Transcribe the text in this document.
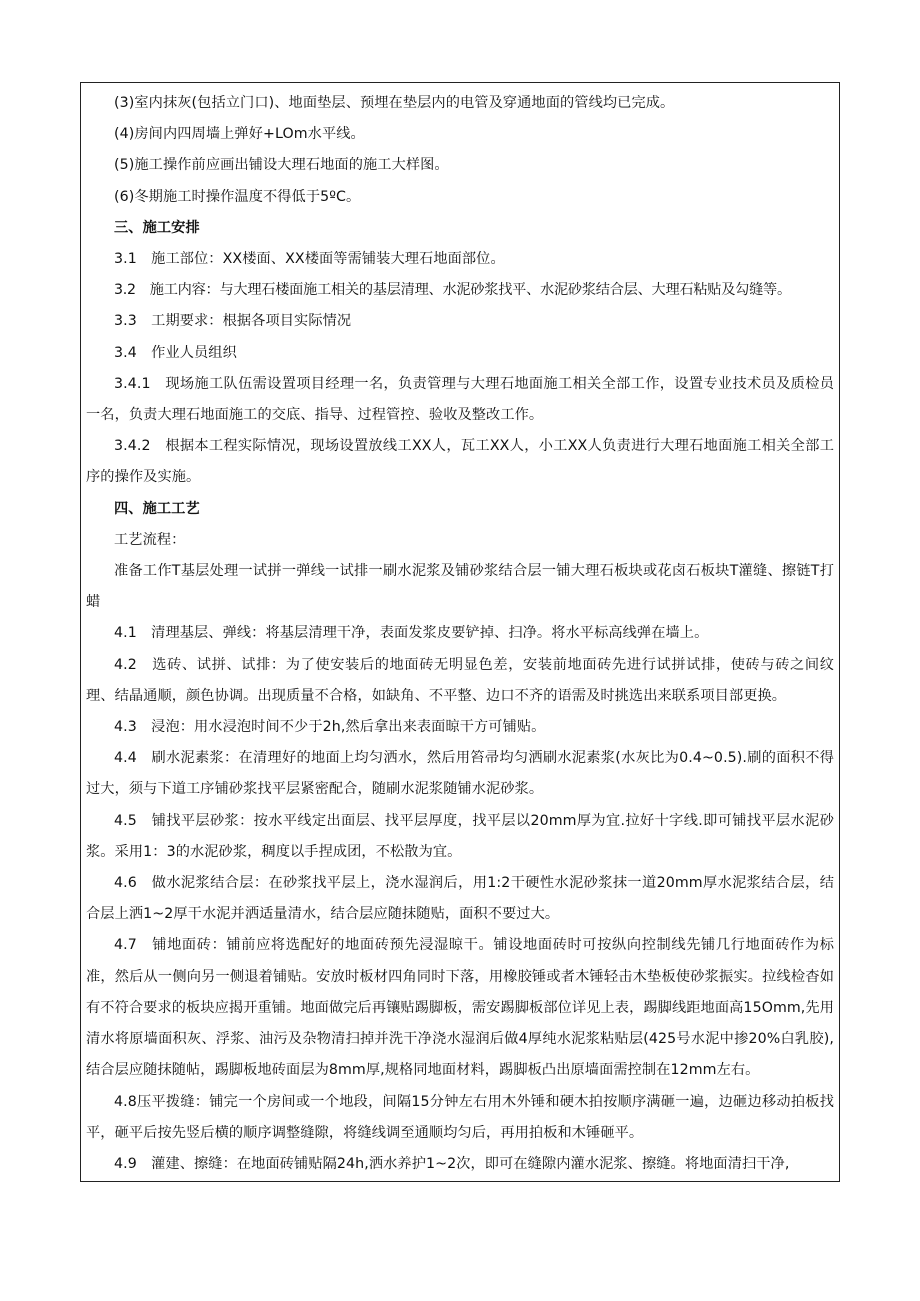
(3)室内抹灰(包括立门口)、地面垫层、预埋在垫层内的电管及穿通地面的管线均已完成。

(4)房间内四周墙上弹好+LOm水平线。

(5)施工操作前应画出铺设大理石地面的施工大样图。

(6)冬期施工时操作温度不得低于5ºC。

三、施工安排

3.1　施工部位：XX楼面、XX楼面等需铺装大理石地面部位。

3.2　施工内容：与大理石楼面施工相关的基层清理、水泥砂浆找平、水泥砂浆结合层、大理石粘贴及勾缝等。

3.3　工期要求：根据各项目实际情况

3.4　作业人员组织

3.4.1　现场施工队伍需设置项目经理一名，负责管理与大理石地面施工相关全部工作，设置专业技术员及质检员一名，负责大理石地面施工的交底、指导、过程管控、验收及整改工作。

3.4.2　根据本工程实际情况，现场设置放线工XX人，瓦工XX人，小工XX人负责进行大理石地面施工相关全部工序的操作及实施。

四、施工工艺

工艺流程：

准备工作T基层处理一试拼一弹线一试排一刷水泥浆及铺砂浆结合层一铺大理石板块或花卤石板块T灌缝、擦链T打蜡

4.1　清理基层、弹线：将基层清理干净，表面发浆皮要铲掉、扫净。将水平标高线弹在墙上。

4.2　选砖、试拼、试排：为了使安装后的地面砖无明显色差，安装前地面砖先进行试拼试排，使砖与砖之间纹理、结晶通顺，颜色协调。出现质量不合格，如缺角、不平整、边口不齐的语需及时挑选出来联系项目部更换。

4.3　浸泡：用水浸泡时间不少于2h,然后拿出来表面晾干方可铺贴。

4.4　刷水泥素浆：在清理好的地面上均匀洒水，然后用笞帚均匀洒刷水泥素浆(水灰比为0.4~0.5).刷的面积不得过大，须与下道工序铺砂浆找平层紧密配合，随刷水泥浆随铺水泥砂浆。

4.5　铺找平层砂浆：按水平线定出面层、找平层厚度，找平层以20mm厚为宜.拉好十字线.即可铺找平层水泥砂浆。采用1：3的水泥砂浆，稠度以手捏成团，不松散为宜。

4.6　做水泥浆结合层：在砂浆找平层上，浇水湿润后，用1:2干硬性水泥砂浆抹一道20mm厚水泥浆结合层，结合层上洒1~2厚干水泥并洒适量清水，结合层应随抹随贴，面积不要过大。

4.7　铺地面砖：铺前应将选配好的地面砖预先浸湿晾干。铺设地面砖时可按纵向控制线先铺几行地面砖作为标准，然后从一侧向另一侧退着铺贴。安放时板材四角同时下落，用橡胶锤或者木锤轻击木垫板使砂浆振实。拉线检杳如有不符合要求的板块应揭开重铺。地面做完后再镶贴踢脚板，需安踢脚板部位详见上表，踢脚线距地面高15Omm,先用清水将原墙面积灰、浮浆、油污及杂物清扫掉并洗干净浇水湿润后做4厚纯水泥浆粘贴层(425号水泥中掺20%白乳胶),结合层应随抹随帖，踢脚板地砖面层为8mm厚,规格同地面材料，踢脚板凸出原墙面需控制在12mm左右。

4.8压平拨缝：铺完一个房间或一个地段，间隔15分钟左右用木外锤和硬木拍按顺序满砸一遍，边砸边移动拍板找平，砸平后按先竖后横的顺序调整缝隙，将缝线调至通顺均匀后，再用拍板和木锤砸平。

4.9　灌建、擦缝：在地面砖铺贴隔24h,洒水养护1~2次，即可在缝隙内灌水泥浆、擦缝。将地面清扫干净,
